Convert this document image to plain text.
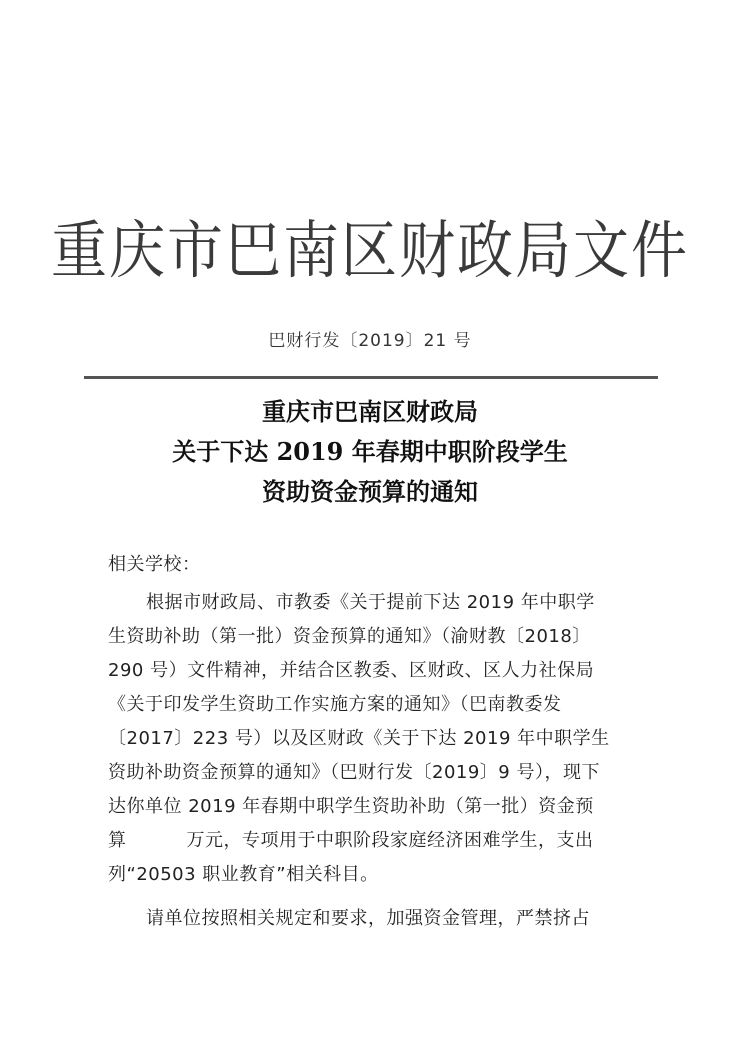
重庆市巴南区财政局文件
巴财行发〔2019〕21 号
重庆市巴南区财政局
关于下达 2019 年春期中职阶段学生
资助资金预算的通知
相关学校：
根据市财政局、市教委《关于提前下达 2019 年中职学
生资助补助（第一批）资金预算的通知》（渝财教〔2018〕
290 号）文件精神，并结合区教委、区财政、区人力社保局
《关于印发学生资助工作实施方案的通知》（巴南教委发
〔2017〕223 号）以及区财政《关于下达 2019 年中职学生
资助补助资金预算的通知》（巴财行发〔2019〕9 号），现下
达你单位 2019 年春期中职学生资助补助（第一批）资金预
算	万元，专项用于中职阶段家庭经济困难学生，支出
列“20503 职业教育”相关科目。
请单位按照相关规定和要求，加强资金管理，严禁挤占
